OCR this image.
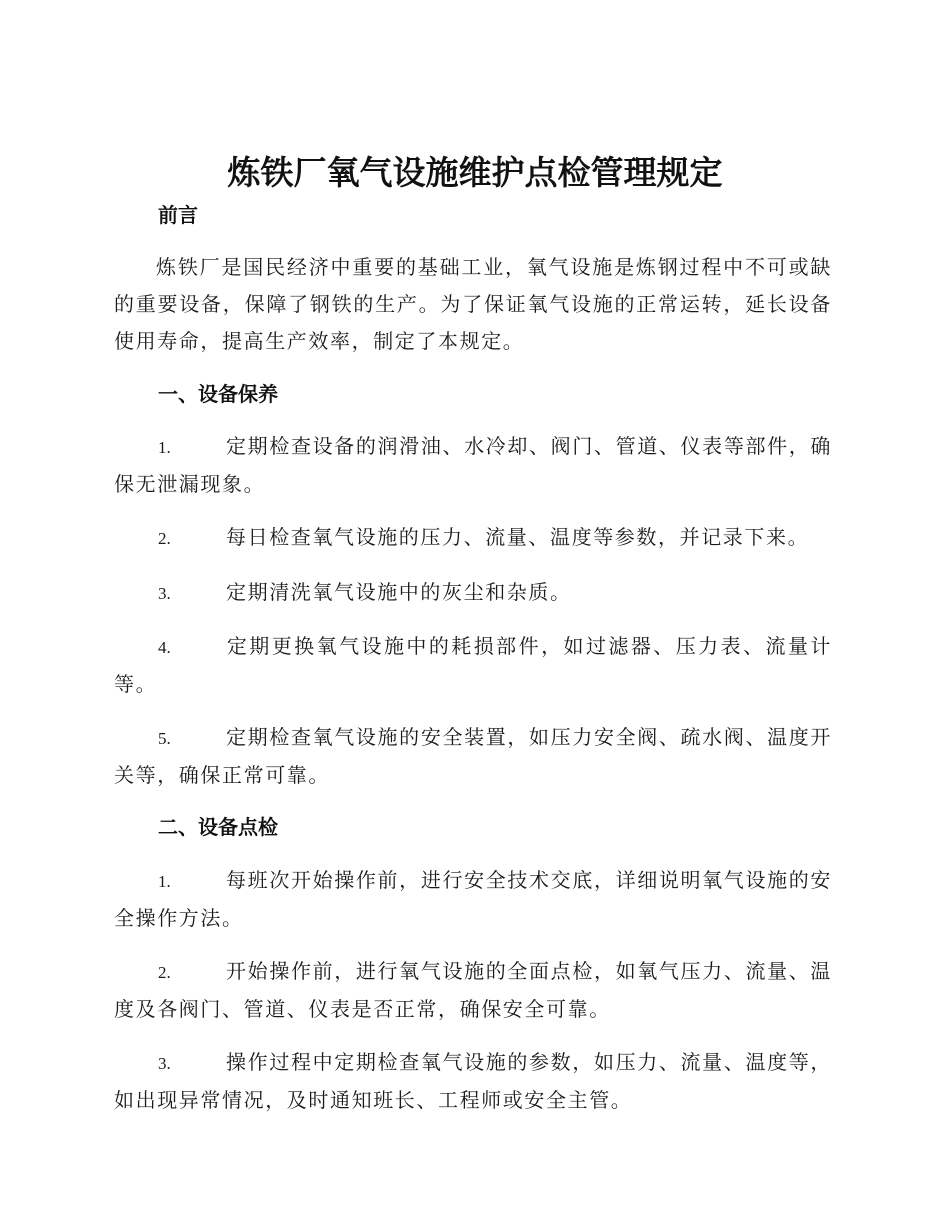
炼铁厂氧气设施维护点检管理规定
前言
炼铁厂是国民经济中重要的基础工业，氧气设施是炼钢过程中不可或缺的重要设备，保障了钢铁的生产。为了保证氧气设施的正常运转，延长设备使用寿命，提高生产效率，制定了本规定。
一、设备保养
1.	定期检查设备的润滑油、水冷却、阀门、管道、仪表等部件，确保无泄漏现象。
2.	每日检查氧气设施的压力、流量、温度等参数，并记录下来。
3.	定期清洗氧气设施中的灰尘和杂质。
4.	定期更换氧气设施中的耗损部件，如过滤器、压力表、流量计等。
5.	定期检查氧气设施的安全装置，如压力安全阀、疏水阀、温度开关等，确保正常可靠。
二、设备点检
1.	每班次开始操作前，进行安全技术交底，详细说明氧气设施的安全操作方法。
2.	开始操作前，进行氧气设施的全面点检，如氧气压力、流量、温度及各阀门、管道、仪表是否正常，确保安全可靠。
3.	操作过程中定期检查氧气设施的参数，如压力、流量、温度等，如出现异常情况，及时通知班长、工程师或安全主管。
